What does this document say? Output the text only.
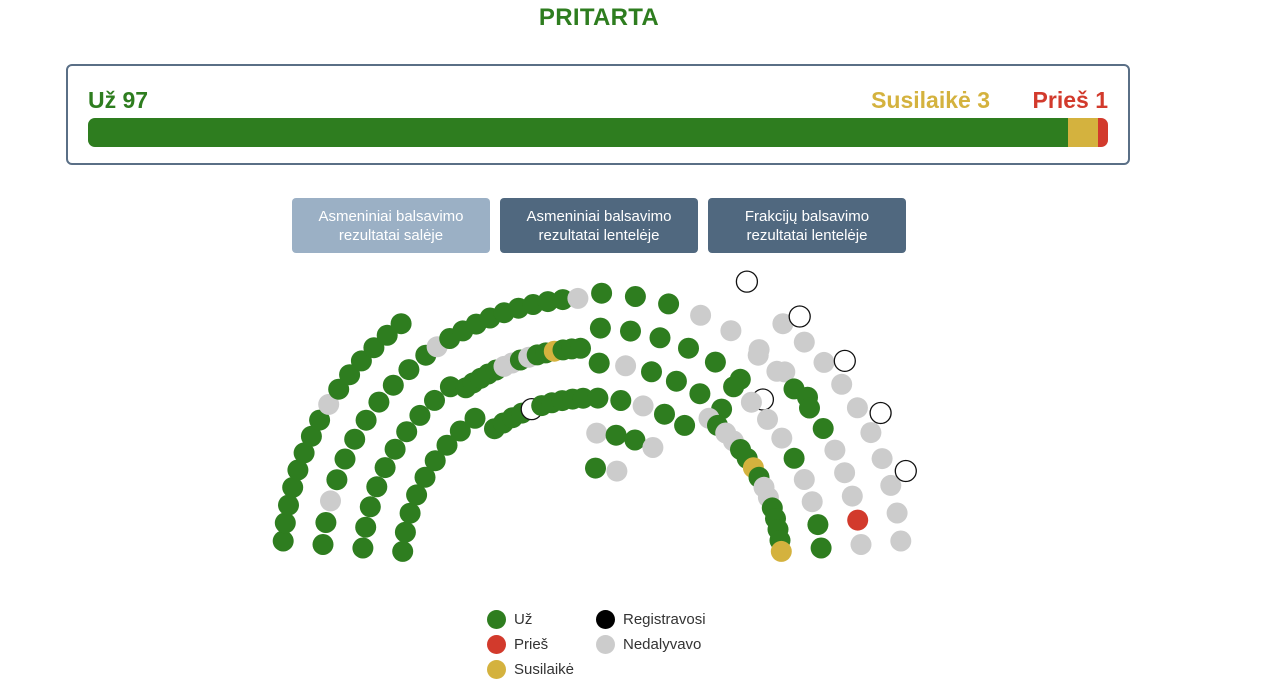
PRITARTA
Už 97	Susilaikė 3 Prieš 1
Asmeniniai balsavimo
rezultatai salėje
Asmeniniai balsavimo
rezultatai lentelėje
Frakcijų balsavimo
rezultatai lentelėje
Už
Prieš
Susilaikė
Registravosi
Nedalyvavo
